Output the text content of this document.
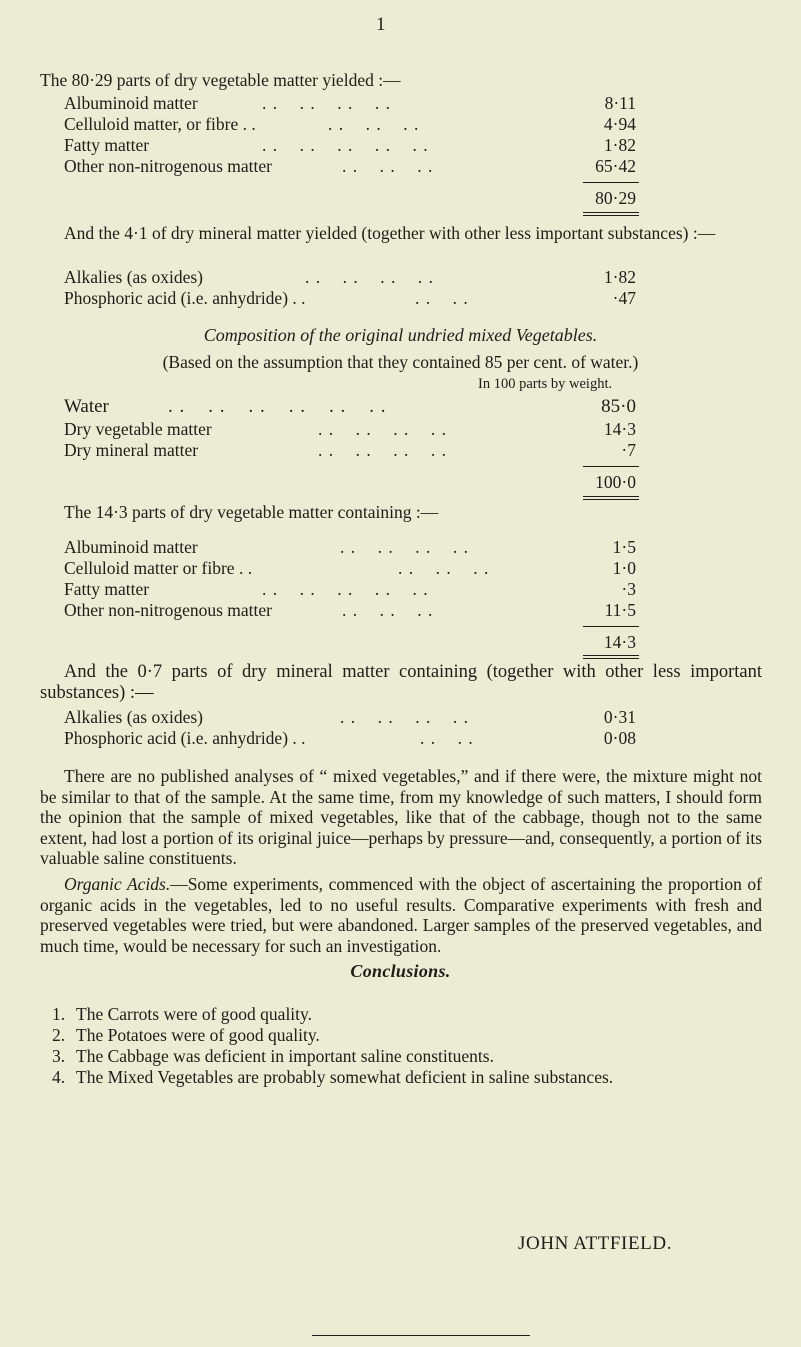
1
The 80·29 parts of dry vegetable matter yielded :—
Albuminoid matter	. .    . .    . .    . .	8·11
Celluloid matter, or fibre . .	. .    . .    . .	4·94
Fatty matter	. .    . .    . .    . .    . .	1·82
Other non-nitrogenous matter	. .    . .    . .	65·42
80·29
And the 4·1 of dry mineral matter yielded (together with other less important substances) :—
Alkalies (as oxides)	. .    . .    . .    . .	1·82
Phosphoric acid (i.e. anhydride) . .	. .    . .	·47
Composition of the original undried mixed Vegetables.
(Based on the assumption that they contained 85 per cent. of water.)
In 100 parts by weight.
Water	. .    . .    . .    . .    . .    . .	85·0
Dry vegetable matter	. .    . .    . .    . .	14·3
Dry mineral matter	. .    . .    . .    . .	·7
100·0
The 14·3 parts of dry vegetable matter containing :—
Albuminoid matter	. .    . .    . .    . .	1·5
Celluloid matter or fibre . .	. .    . .    . .	1·0
Fatty matter	. .    . .    . .    . .    . .	·3
Other non-nitrogenous matter	. .    . .    . .	11·5
14·3
And the 0·7 parts of dry mineral matter containing (together with other less important substances) :—
Alkalies (as oxides)	. .    . .    . .    . .	0·31
Phosphoric acid (i.e. anhydride) . .	. .    . .	0·08
There are no published analyses of “ mixed vegetables,” and if there were, the mixture might not be similar to that of the sample. At the same time, from my knowledge of such matters, I should form the opinion that the sample of mixed vegetables, like that of the cabbage, though not to the same extent, had lost a portion of its original juice—perhaps by pressure—and, consequently, a portion of its valuable saline constituents.
Organic Acids.—Some experiments, commenced with the object of ascertaining the proportion of organic acids in the vegetables, led to no useful results. Comparative experiments with fresh and preserved vegetables were tried, but were abandoned. Larger samples of the preserved vegetables, and much time, would be necessary for such an investigation.
Conclusions.
1. The Carrots were of good quality.
2. The Potatoes were of good quality.
3. The Cabbage was deficient in important saline constituents.
4. The Mixed Vegetables are probably somewhat deficient in saline substances.
JOHN ATTFIELD.
